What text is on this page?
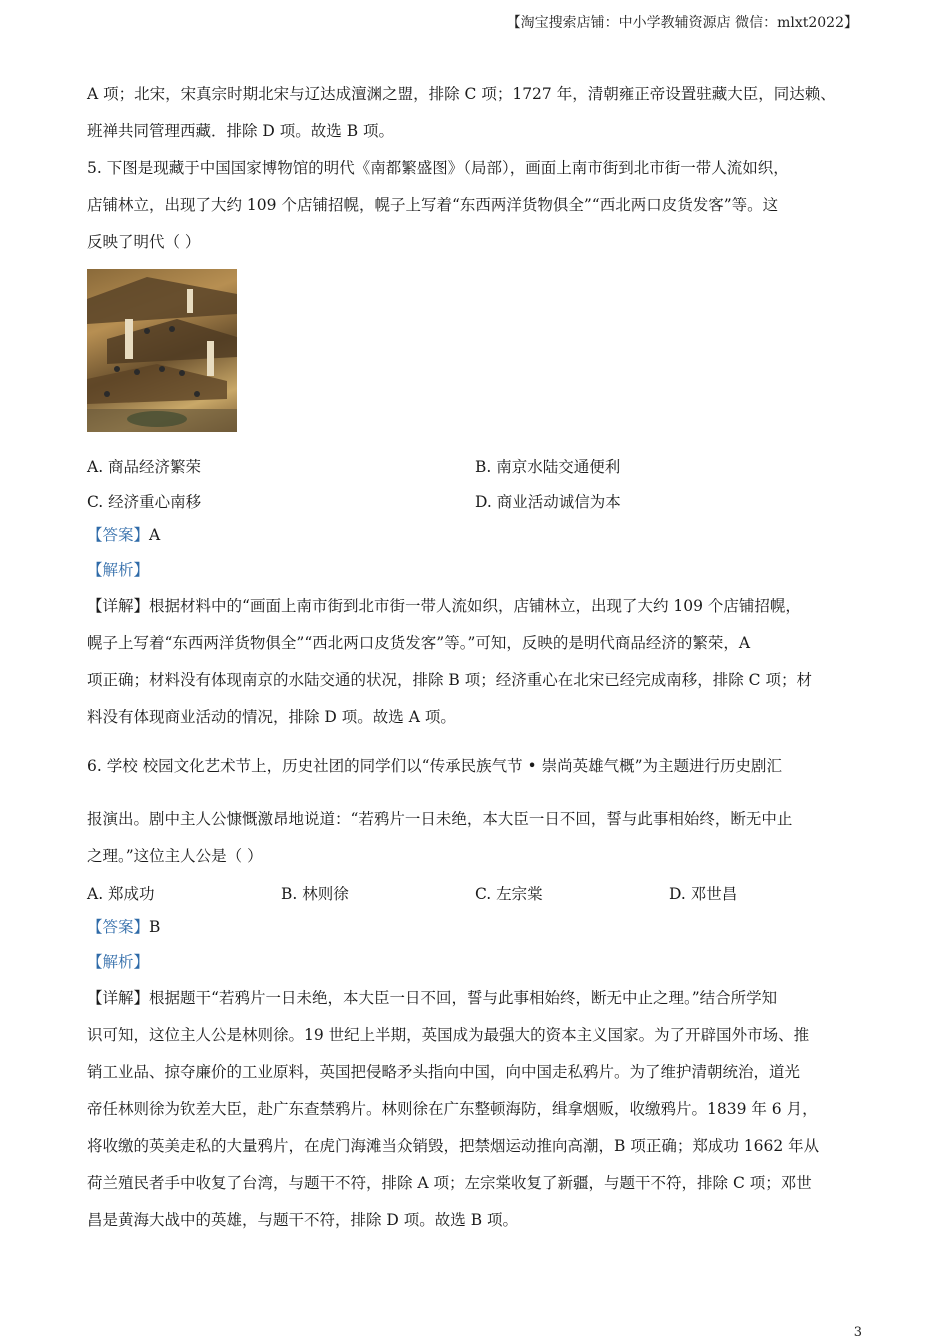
【淘宝搜索店铺：中小学教辅资源店 微信：mlxt2022】

A 项；北宋，宋真宗时期北宋与辽达成澶渊之盟，排除 C 项；1727 年，清朝雍正帝设置驻藏大臣，同达赖、

班禅共同管理西藏．排除 D 项。故选 B 项。

5. 下图是现藏于中国国家博物馆的明代《南都繁盛图》（局部），画面上南市街到北市街一带人流如织，

店铺林立，出现了大约 109 个店铺招幌，幌子上写着“东西两洋货物俱全”“西北两口皮货发客”等。这

反映了明代（ ）

A. 商品经济繁荣	B. 南京水陆交通便利
C. 经济重心南移	D. 商业活动诚信为本

【答案】A

【解析】

【详解】根据材料中的“画面上南市街到北市街一带人流如织，店铺林立，出现了大约 109 个店铺招幌，

幌子上写着“东西两洋货物俱全”“西北两口皮货发客”等。”可知，反映的是明代商品经济的繁荣，A

项正确；材料没有体现南京的水陆交通的状况，排除 B 项；经济重心在北宋已经完成南移，排除 C 项；材

料没有体现商业活动的情况，排除 D 项。故选 A 项。

6. 学校 校园文化艺术节上，历史社团的同学们以“传承民族气节 • 崇尚英雄气概”为主题进行历史剧汇

报演出。剧中主人公慷慨激昂地说道：“若鸦片一日未绝，本大臣一日不回，誓与此事相始终，断无中止

之理。”这位主人公是（ ）

A. 郑成功	B. 林则徐	C. 左宗棠	D. 邓世昌

【答案】B

【解析】

【详解】根据题干“若鸦片一日未绝，本大臣一日不回，誓与此事相始终，断无中止之理。”结合所学知

识可知，这位主人公是林则徐。19 世纪上半期，英国成为最强大的资本主义国家。为了开辟国外市场、推

销工业品、掠夺廉价的工业原料，英国把侵略矛头指向中国，向中国走私鸦片。为了维护清朝统治，道光

帝任林则徐为钦差大臣，赴广东查禁鸦片。林则徐在广东整顿海防，缉拿烟贩，收缴鸦片。1839 年 6 月，

将收缴的英美走私的大量鸦片，在虎门海滩当众销毁，把禁烟运动推向高潮，B 项正确；郑成功 1662 年从

荷兰殖民者手中收复了台湾，与题干不符，排除 A 项；左宗棠收复了新疆，与题干不符，排除 C 项；邓世

昌是黄海大战中的英雄，与题干不符，排除 D 项。故选 B 项。

3
